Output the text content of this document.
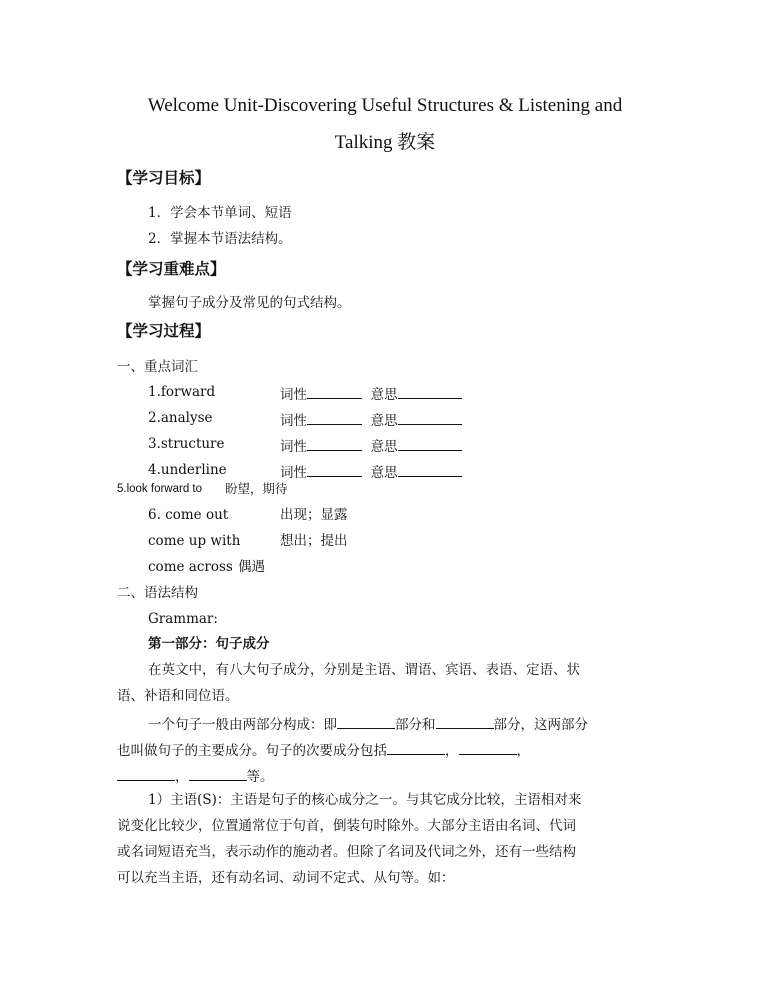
Welcome Unit-Discovering Useful Structures & Listening and
Talking 教案
【学习目标】
1．学会本节单词、短语
2．掌握本节语法结构。
【学习重难点】
掌握句子成分及常见的句式结构。
【学习过程】
一、重点词汇
1.forward	词性	意思
2.analyse	词性	意思
3.structure	词性	意思
4.underline	词性	意思
5.look forward to 盼望，期待
6. come out	出现；显露
come up with	想出；提出
come across 偶遇
二、语法结构
Grammar:
第一部分：句子成分
在英文中，有八大句子成分，分别是主语、谓语、宾语、表语、定语、状
语、补语和同位语。
一个句子一般由两部分构成：即	部分和	部分，这两部分
也叫做句子的主要成分。句子的次要成分包括	，	，
，	等。
1）主语(S)：主语是句子的核心成分之一。与其它成分比较，主语相对来
说变化比较少，位置通常位于句首，倒装句时除外。大部分主语由名词、代词
或名词短语充当，表示动作的施动者。但除了名词及代词之外，还有一些结构
可以充当主语，还有动名词、动词不定式、从句等。如：
